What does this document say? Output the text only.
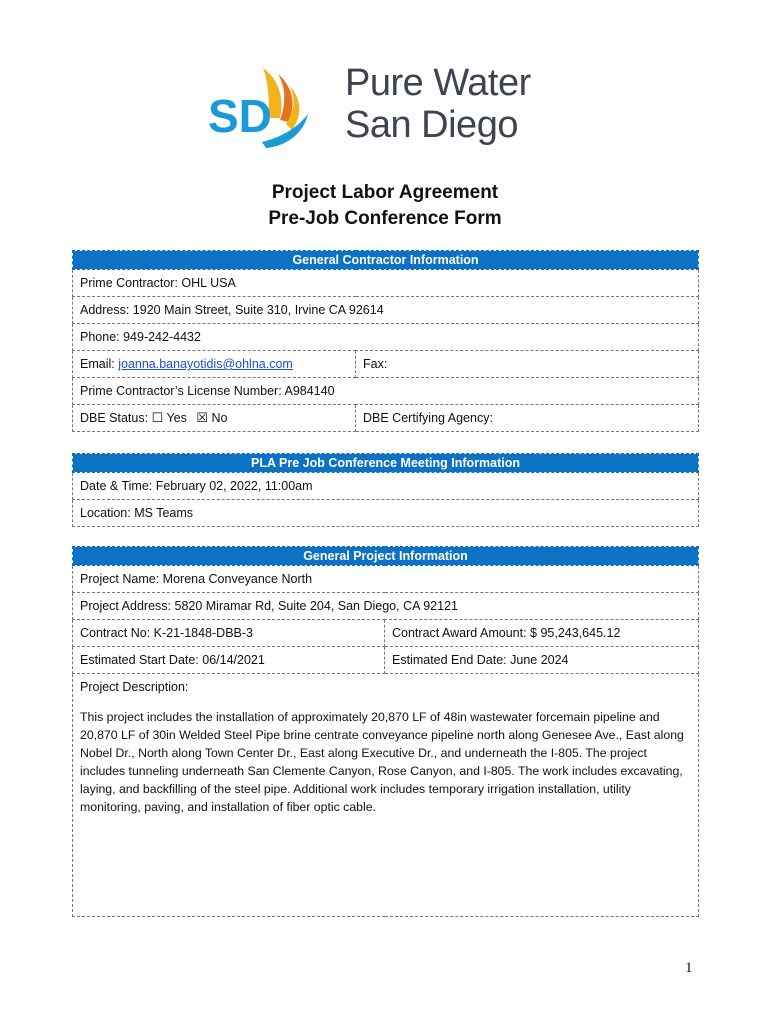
SD
Pure Water
San Diego
Project Labor Agreement
Pre-Job Conference Form
General Contractor Information	
Prime Contractor: OHL USA	
Address: 1920 Main Street, Suite 310, Irvine CA 92614	
Phone: 949-242-4432	
Email: joanna.banayotidis@ohlna.com	Fax:
Prime Contractor’s License Number: A984140	
DBE Status: ☐ Yes ☒ No	DBE Certifying Agency:
PLA Pre Job Conference Meeting Information
Date & Time: February 02, 2022, 11:00am
Location: MS Teams
General Project Information	
Project Name: Morena Conveyance North	
Project Address: 5820 Miramar Rd, Suite 204, San Diego, CA 92121	
Contract No: K-21-1848-DBB-3	Contract Award Amount: $ 95,243,645.12
Estimated Start Date: 06/14/2021	Estimated End Date: June 2024

Project Description:
This project includes the installation of approximately 20,870 LF of 48in wastewater forcemain pipeline and 20,870 LF of 30in Welded Steel Pipe brine centrate conveyance pipeline north along Genesee Ave., East along Nobel Dr., North along Town Center Dr., East along Executive Dr., and underneath the I-805. The project includes tunneling underneath San Clemente Canyon, Rose Canyon, and I-805. The work includes excavating, laying, and backfilling of the steel pipe. Additional work includes temporary irrigation installation, utility monitoring, paving, and installation of fiber optic cable.	
1
